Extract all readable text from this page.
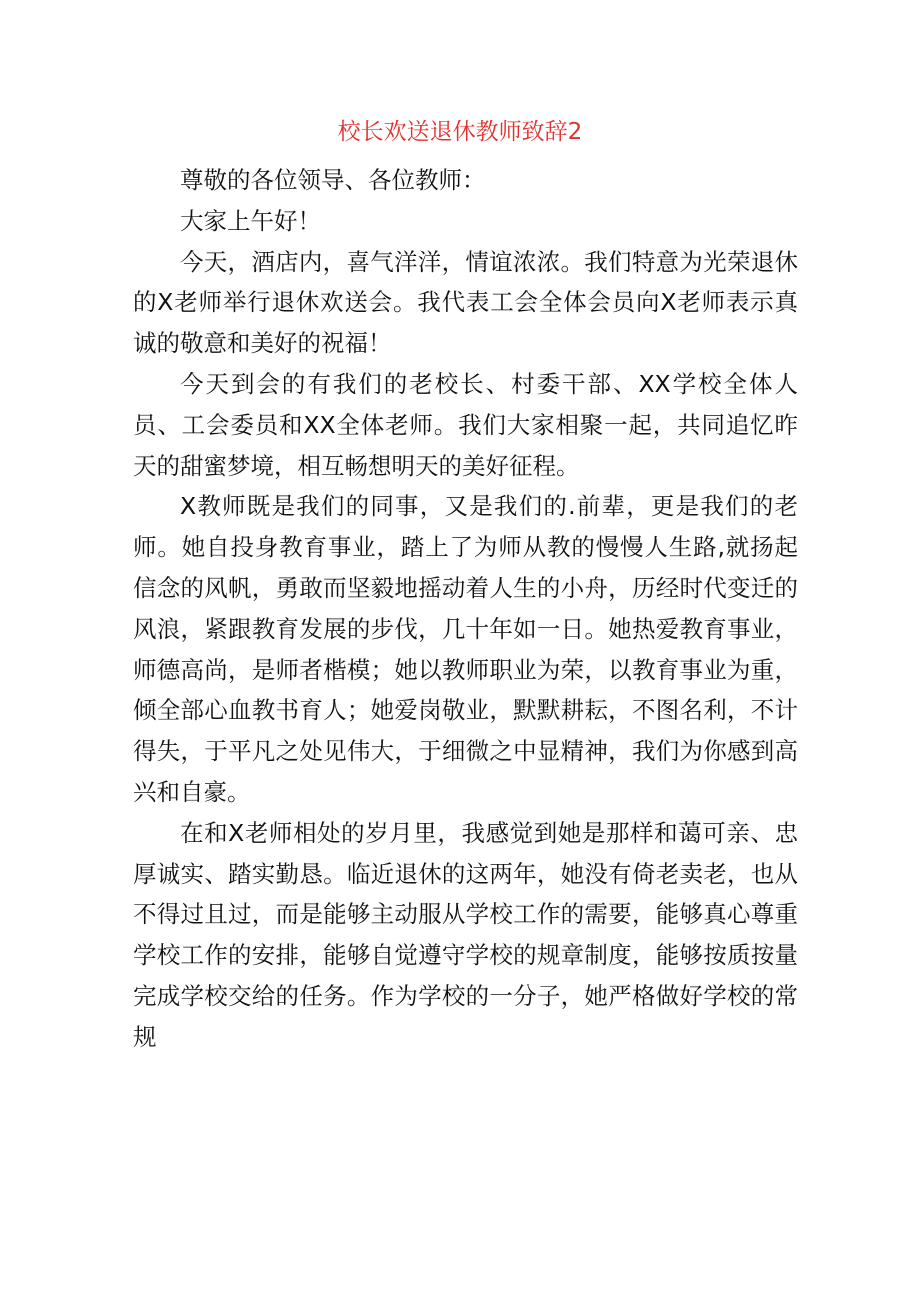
校长欢送退休教师致辞2

尊敬的各位领导、各位教师：

大家上午好！

今天，酒店内，喜气洋洋，情谊浓浓。我们特意为光荣退休的X老师举行退休欢送会。我代表工会全体会员向X老师表示真诚的敬意和美好的祝福！

今天到会的有我们的老校长、村委干部、XX学校全体人员、工会委员和XX全体老师。我们大家相聚一起，共同追忆昨天的甜蜜梦境，相互畅想明天的美好征程。

X教师既是我们的同事，又是我们的.前辈，更是我们的老师。她自投身教育事业，踏上了为师从教的慢慢人生路,就扬起信念的风帆，勇敢而坚毅地摇动着人生的小舟，历经时代变迁的风浪，紧跟教育发展的步伐，几十年如一日。她热爱教育事业，师德高尚，是师者楷模；她以教师职业为荣，以教育事业为重，倾全部心血教书育人；她爱岗敬业，默默耕耘，不图名利，不计得失，于平凡之处见伟大，于细微之中显精神，我们为你感到高兴和自豪。

在和X老师相处的岁月里，我感觉到她是那样和蔼可亲、忠厚诚实、踏实勤恳。临近退休的这两年，她没有倚老卖老，也从不得过且过，而是能够主动服从学校工作的需要，能够真心尊重学校工作的安排，能够自觉遵守学校的规章制度，能够按质按量完成学校交给的任务。作为学校的一分子，她严格做好学校的常规
